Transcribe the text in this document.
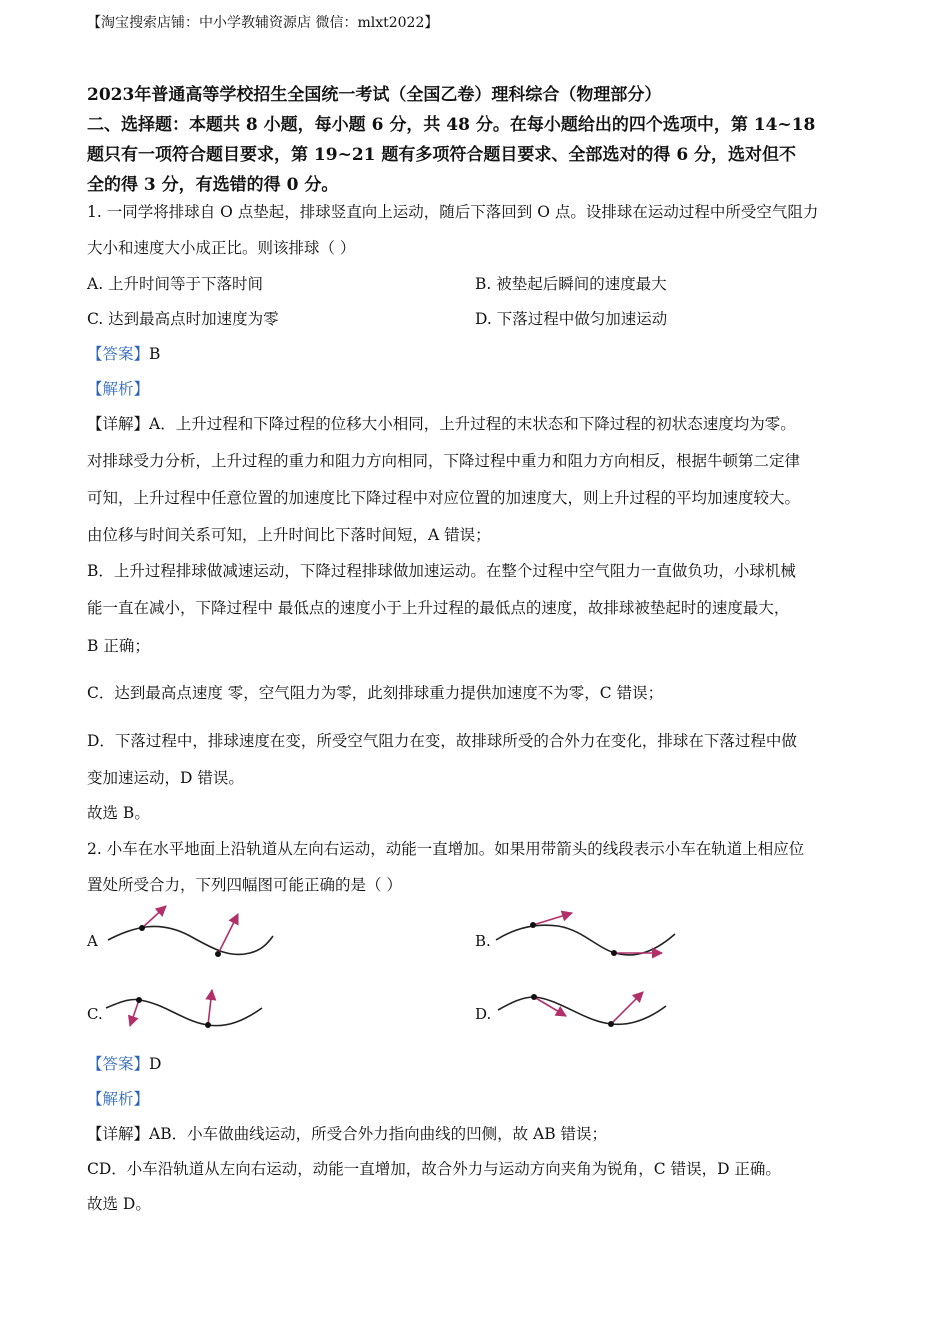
【淘宝搜索店铺：中小学教辅资源店 微信：mlxt2022】
2023年普通高等学校招生全国统一考试（全国乙卷）理科综合（物理部分）
二、选择题：本题共 8 小题，每小题 6 分，共 48 分。在每小题给出的四个选项中，第 14~18
题只有一项符合题目要求，第 19~21 题有多项符合题目要求、全部选对的得 6 分，选对但不
全的得 3 分，有选错的得 0 分。
1. 一同学将排球自 O 点垫起，排球竖直向上运动，随后下落回到 O 点。设排球在运动过程中所受空气阻力
大小和速度大小成正比。则该排球（ ）
A. 上升时间等于下落时间	B. 被垫起后瞬间的速度最大
C. 达到最高点时加速度为零	D. 下落过程中做匀加速运动
【答案】B
【解析】
【详解】A．上升过程和下降过程的位移大小相同，上升过程的末状态和下降过程的初状态速度均为零。
对排球受力分析，上升过程的重力和阻力方向相同，下降过程中重力和阻力方向相反，根据牛顿第二定律
可知，上升过程中任意位置的加速度比下降过程中对应位置的加速度大，则上升过程的平均加速度较大。
由位移与时间关系可知，上升时间比下落时间短，A 错误；
B．上升过程排球做减速运动，下降过程排球做加速运动。在整个过程中空气阻力一直做负功，小球机械
能一直在减小，下降过程中 最低点的速度小于上升过程的最低点的速度，故排球被垫起时的速度最大，
B 正确；
C．达到最高点速度 零，空气阻力为零，此刻排球重力提供加速度不为零，C 错误；
D．下落过程中，排球速度在变，所受空气阻力在变，故排球所受的合外力在变化，排球在下落过程中做
变加速运动，D 错误。
故选 B。
2. 小车在水平地面上沿轨道从左向右运动，动能一直增加。如果用带箭头的线段表示小车在轨道上相应位
置处所受合力，下列四幅图可能正确的是（ ）
A	B.
C.	D.
【答案】D
【解析】
【详解】AB．小车做曲线运动，所受合外力指向曲线的凹侧，故 AB 错误；
CD．小车沿轨道从左向右运动，动能一直增加，故合外力与运动方向夹角为锐角，C 错误，D 正确。
故选 D。
